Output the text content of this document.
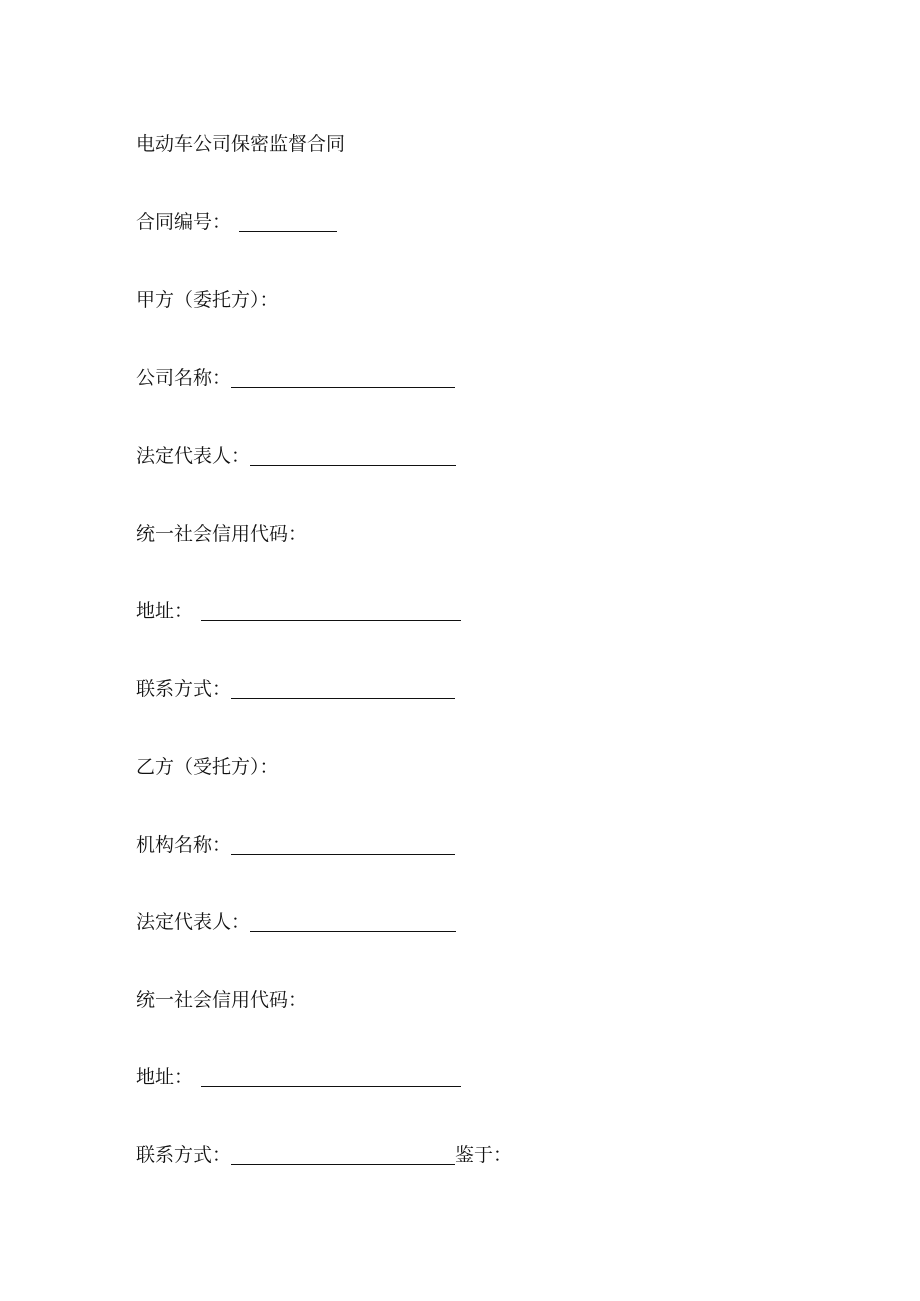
电动车公司保密监督合同
合同编号：
甲方（委托方）：
公司名称：
法定代表人：
统一社会信用代码：
地址：
联系方式：
乙方（受托方）：
机构名称：
法定代表人：
统一社会信用代码：
地址：
联系方式：	鉴于：
